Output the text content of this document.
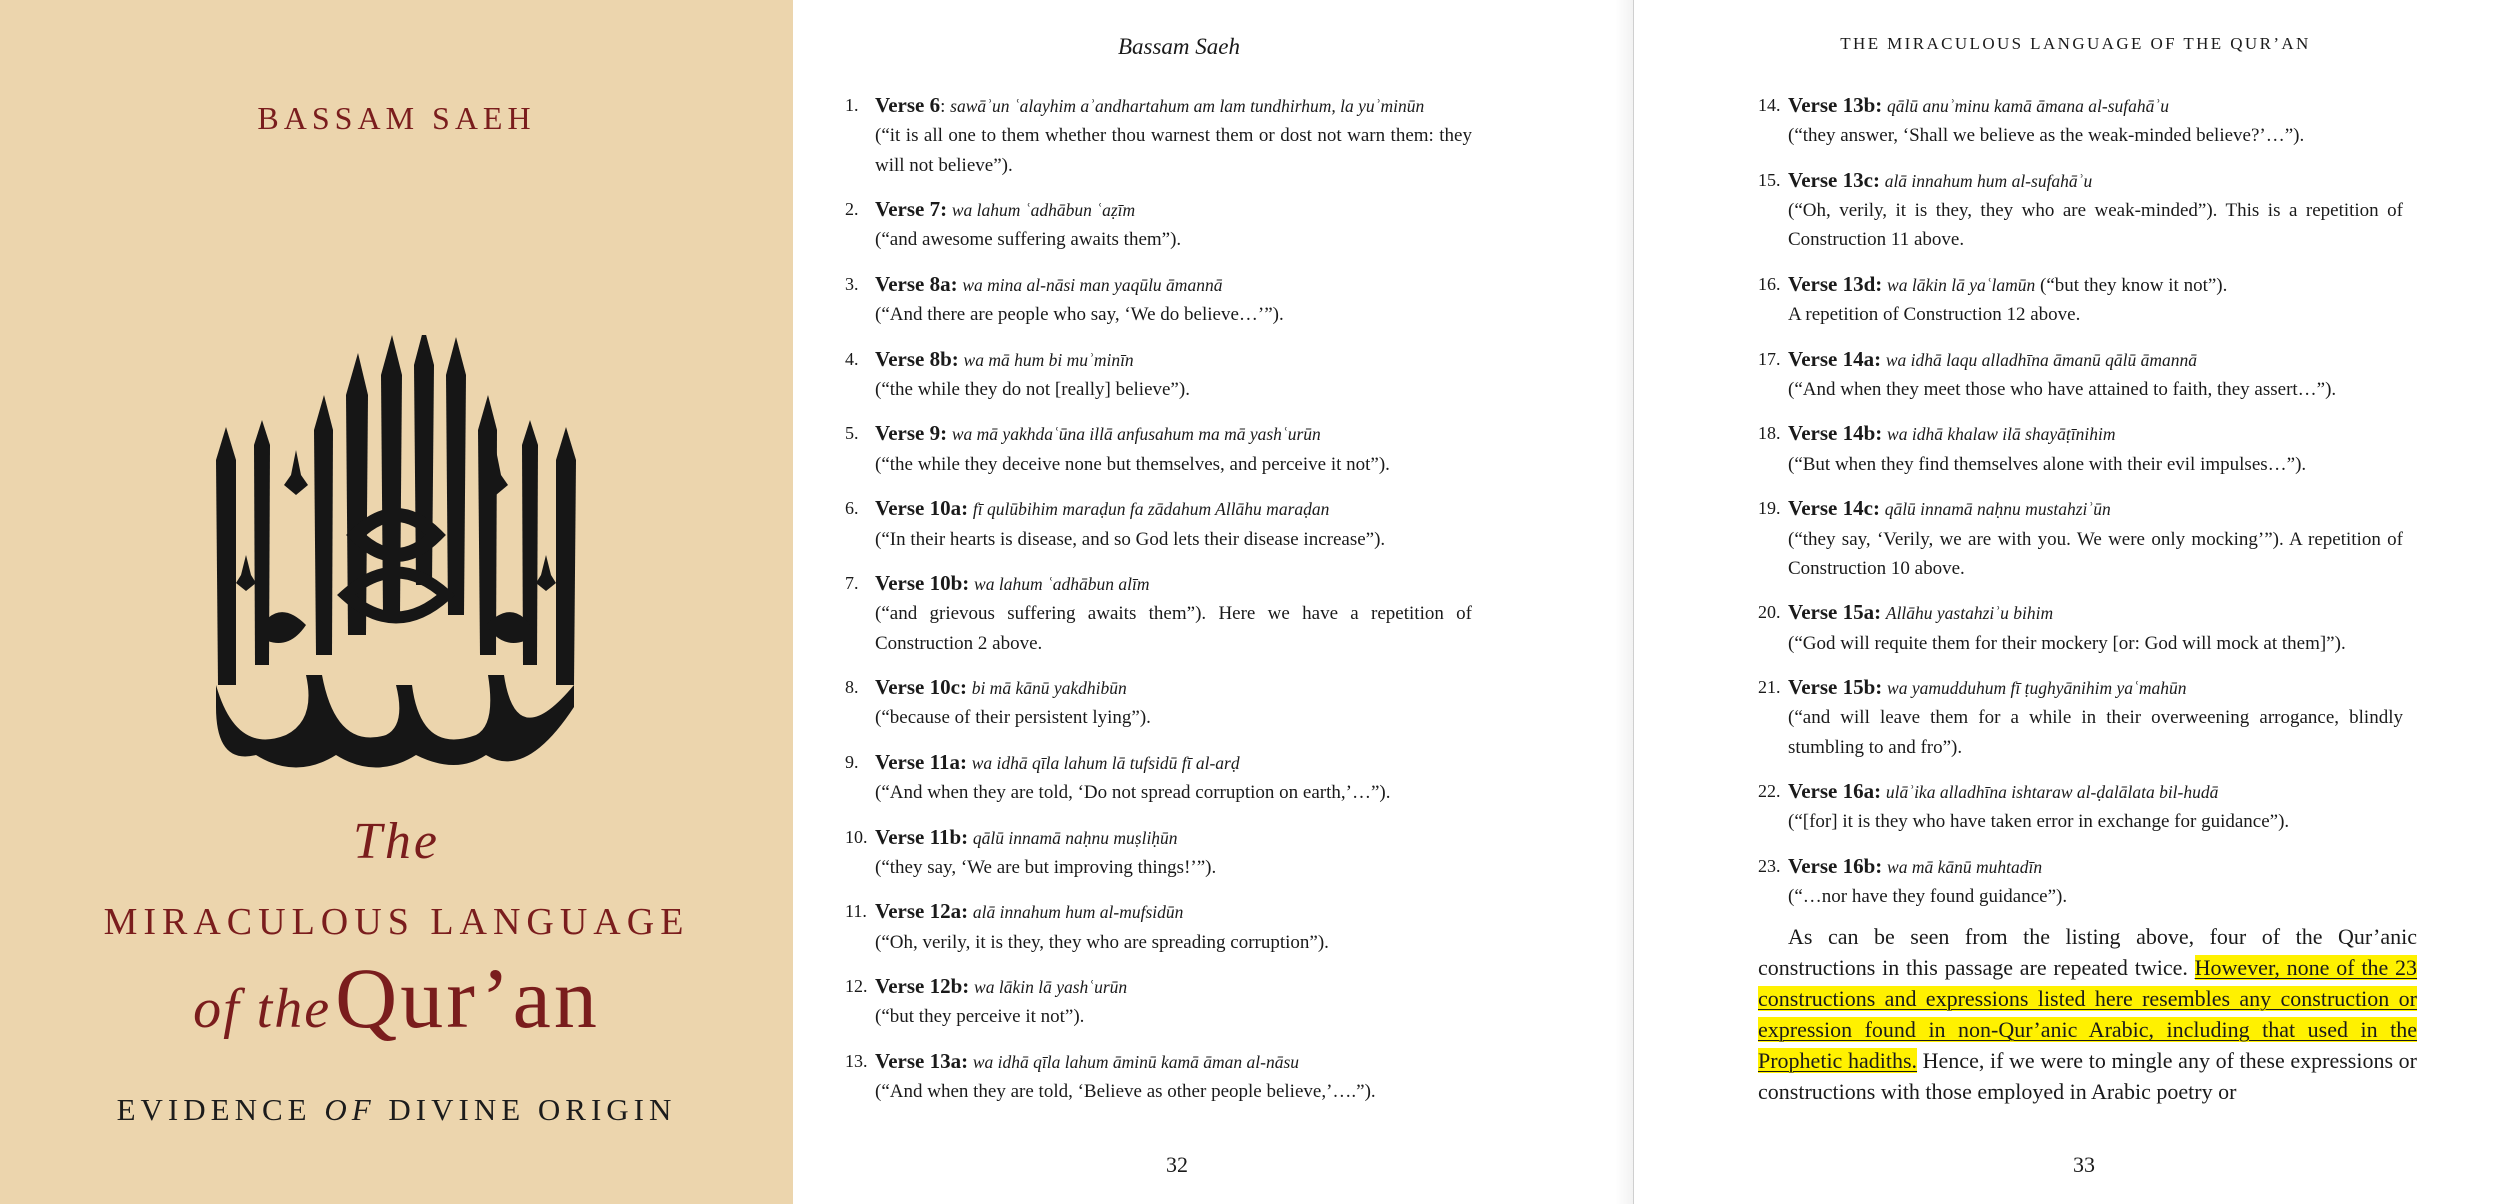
BASSAM SAEH
The
MIRACULOUS LANGUAGE
of the Qur’an
EVIDENCE OF DIVINE ORIGIN
Bassam Saeh
1. Verse 6: sawāʾun ʿalayhim aʾandhartahum am lam tundhirhum, la yuʾminūn
(“it is all one to them whether thou warnest them or dost not warn them: they will not believe”).
2. Verse 7: wa lahum ʿadhābun ʿaẓīm
(“and awesome suffering awaits them”).
3. Verse 8a: wa mina al-nāsi man yaqūlu āmannā
(“And there are people who say, ‘We do believe…’”).
4. Verse 8b: wa mā hum bi muʾminīn
(“the while they do not [really] believe”).
5. Verse 9: wa mā yakhdaʿūna illā anfusahum ma mā yashʿurūn
(“the while they deceive none but themselves, and perceive it not”).
6. Verse 10a: fī qulūbihim maraḍun fa zādahum Allāhu maraḍan
(“In their hearts is disease, and so God lets their disease increase”).
7. Verse 10b: wa lahum ʿadhābun alīm
(“and grievous suffering awaits them”). Here we have a repetition of Construction 2 above.
8. Verse 10c: bi mā kānū yakdhibūn
(“because of their persistent lying”).
9. Verse 11a: wa idhā qīla lahum lā tufsidū fī al-arḍ
(“And when they are told, ‘Do not spread corruption on earth,’…”).
10. Verse 11b: qālū innamā naḥnu muṣliḥūn
(“they say, ‘We are but improving things!’”).
11. Verse 12a: alā innahum hum al-mufsidūn
(“Oh, verily, it is they, they who are spreading corruption”).
12. Verse 12b: wa lākin lā yashʿurūn
(“but they perceive it not”).
13. Verse 13a: wa idhā qīla lahum āminū kamā āman al-nāsu
(“And when they are told, ‘Believe as other people believe,’….”).
32
THE MIRACULOUS LANGUAGE OF THE QUR’AN
14. Verse 13b: qālū anuʾminu kamā āmana al-sufahāʾu
(“they answer, ‘Shall we believe as the weak-minded believe?’…”).
15. Verse 13c: alā innahum hum al-sufahāʾu
(“Oh, verily, it is they, they who are weak-minded”). This is a repetition of Construction 11 above.
16. Verse 13d: wa lākin lā yaʿlamūn (“but they know it not”).
A repetition of Construction 12 above.
17. Verse 14a: wa idhā laqu alladhīna āmanū qālū āmannā
(“And when they meet those who have attained to faith, they assert…”).
18. Verse 14b: wa idhā khalaw ilā shayāṭīnihim
(“But when they find themselves alone with their evil impulses…”).
19. Verse 14c: qālū innamā naḥnu mustahziʾūn
(“they say, ‘Verily, we are with you. We were only mocking’”). A repetition of Construction 10 above.
20. Verse 15a: Allāhu yastahziʾu bihim
(“God will requite them for their mockery [or: God will mock at them]”).
21. Verse 15b: wa yamudduhum fī ṭughyānihim yaʿmahūn
(“and will leave them for a while in their overweening arrogance, blindly stumbling to and fro”).
22. Verse 16a: ulāʾika alladhīna ishtaraw al-ḍalālata bil-hudā
(“[for] it is they who have taken error in exchange for guidance”).
23. Verse 16b: wa mā kānū muhtadīn
(“…nor have they found guidance”).

As can be seen from the listing above, four of the Qur’anic constructions in this passage are repeated twice. However, none of the 23 constructions and expressions listed here resembles any construction or expression found in non-Qur’anic Arabic, including that used in the Prophetic hadiths. Hence, if we were to mingle any of these expressions or constructions with those employed in Arabic poetry or

33
